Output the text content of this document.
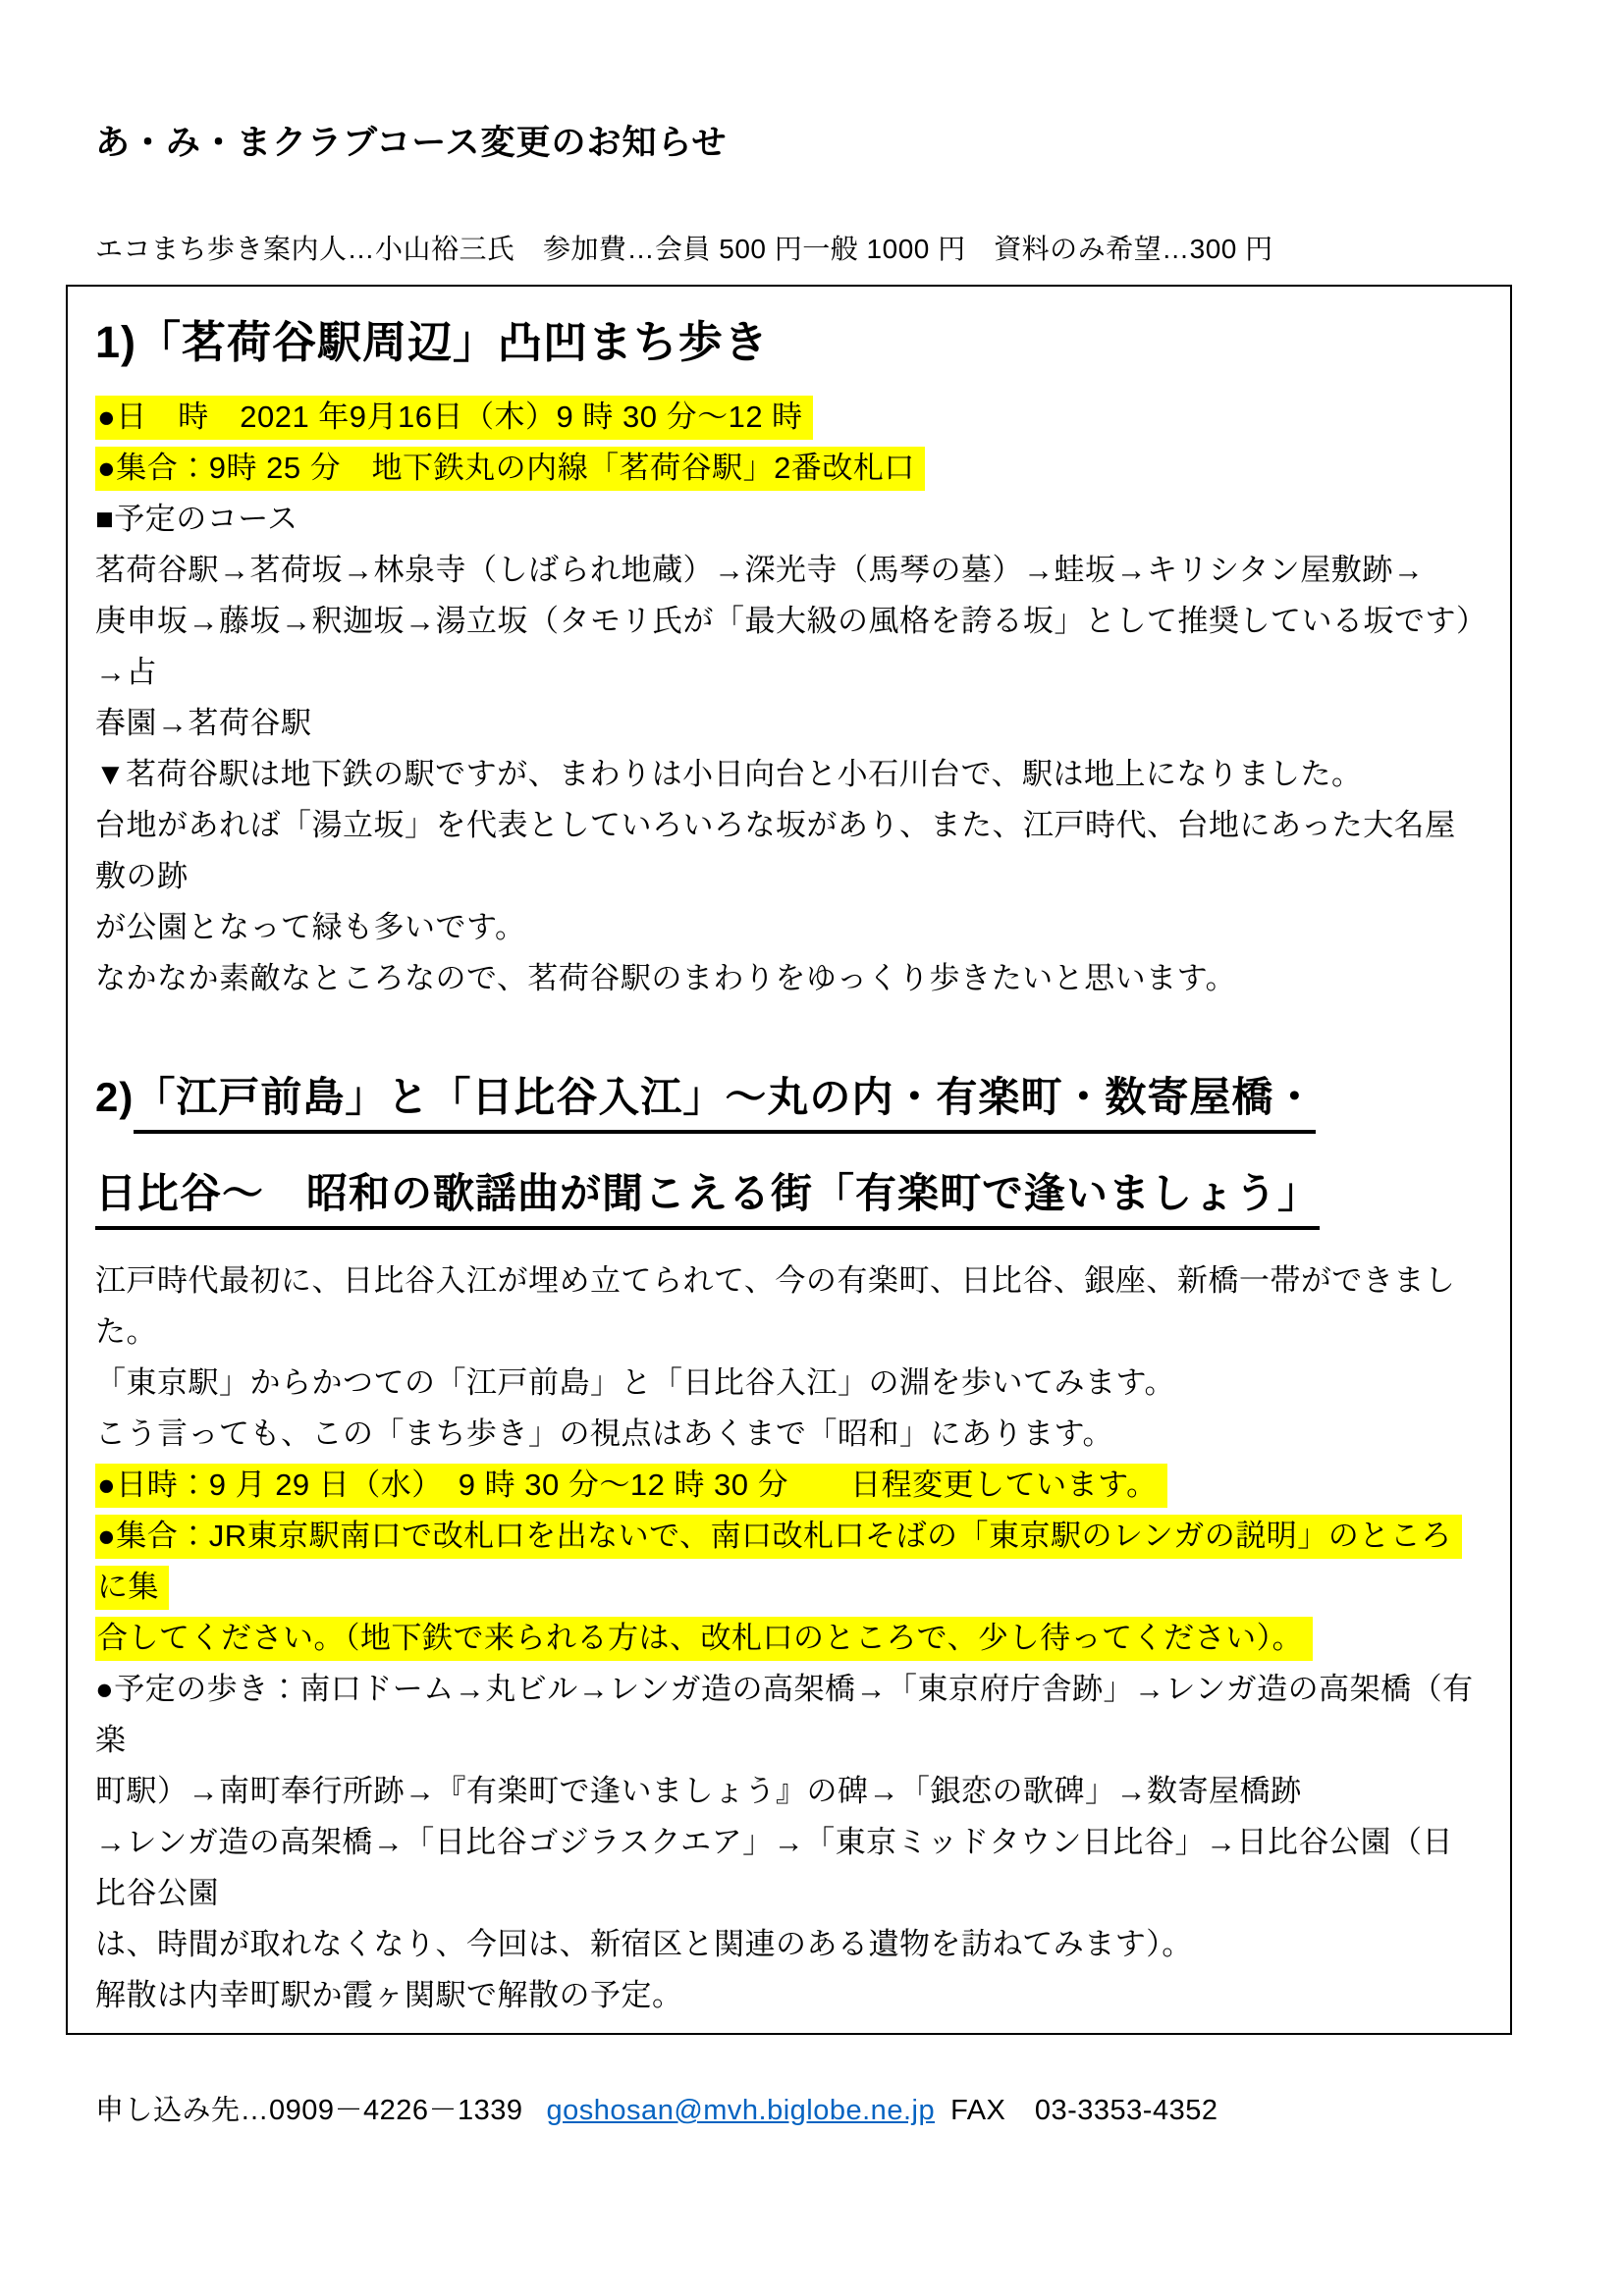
あ・み・まクラブコース変更のお知らせ

エコまち歩き案内人…小山裕三氏　参加費…会員 500 円一般 1000 円　資料のみ希望…300 円

1)「茗荷谷駅周辺」凸凹まち歩き
●日　時　2021 年9月16日（木）9 時 30 分～12 時
●集合：9時 25 分　地下鉄丸の内線「茗荷谷駅」2番改札口
■予定のコース
茗荷谷駅→茗荷坂→林泉寺（しばられ地蔵）→深光寺（馬琴の墓）→蛙坂→キリシタン屋敷跡→
庚申坂→藤坂→釈迦坂→湯立坂（タモリ氏が「最大級の風格を誇る坂」として推奨している坂です）→占
春園→茗荷谷駅
▼茗荷谷駅は地下鉄の駅ですが、まわりは小日向台と小石川台で、駅は地上になりました。
台地があれば「湯立坂」を代表としていろいろな坂があり、また、江戸時代、台地にあった大名屋敷の跡
が公園となって緑も多いです。
なかなか素敵なところなので、茗荷谷駅のまわりをゆっくり歩きたいと思います。
2)「江戸前島」と「日比谷入江」～丸の内・有楽町・数寄屋橋・
日比谷～　昭和の歌謡曲が聞こえる街「有楽町で逢いましょう」
江戸時代最初に、日比谷入江が埋め立てられて、今の有楽町、日比谷、銀座、新橋一帯ができました。
「東京駅」からかつての「江戸前島」と「日比谷入江」の淵を歩いてみます。
こう言っても、この「まち歩き」の視点はあくまで「昭和」にあります。
●日時：9 月 29 日（水）　9 時 30 分～12 時 30 分　　日程変更しています。
●集合：JR東京駅南口で改札口を出ないで、南口改札口そばの「東京駅のレンガの説明」のところに集
合してください。（地下鉄で来られる方は、改札口のところで、少し待ってください）。
●予定の歩き：南口ドーム→丸ビル→レンガ造の高架橋→「東京府庁舎跡」→レンガ造の高架橋（有楽
町駅）→南町奉行所跡→『有楽町で逢いましょう』の碑→「銀恋の歌碑」→数寄屋橋跡
→レンガ造の高架橋→「日比谷ゴジラスクエア」→「東京ミッドタウン日比谷」→日比谷公園（日比谷公園
は、時間が取れなくなり、今回は、新宿区と関連のある遺物を訪ねてみます）。
解散は内幸町駅か霞ヶ関駅で解散の予定。

申し込み先…0909－4226－1339 goshosan@mvh.biglobe.ne.jp FAX　03-3353-4352
